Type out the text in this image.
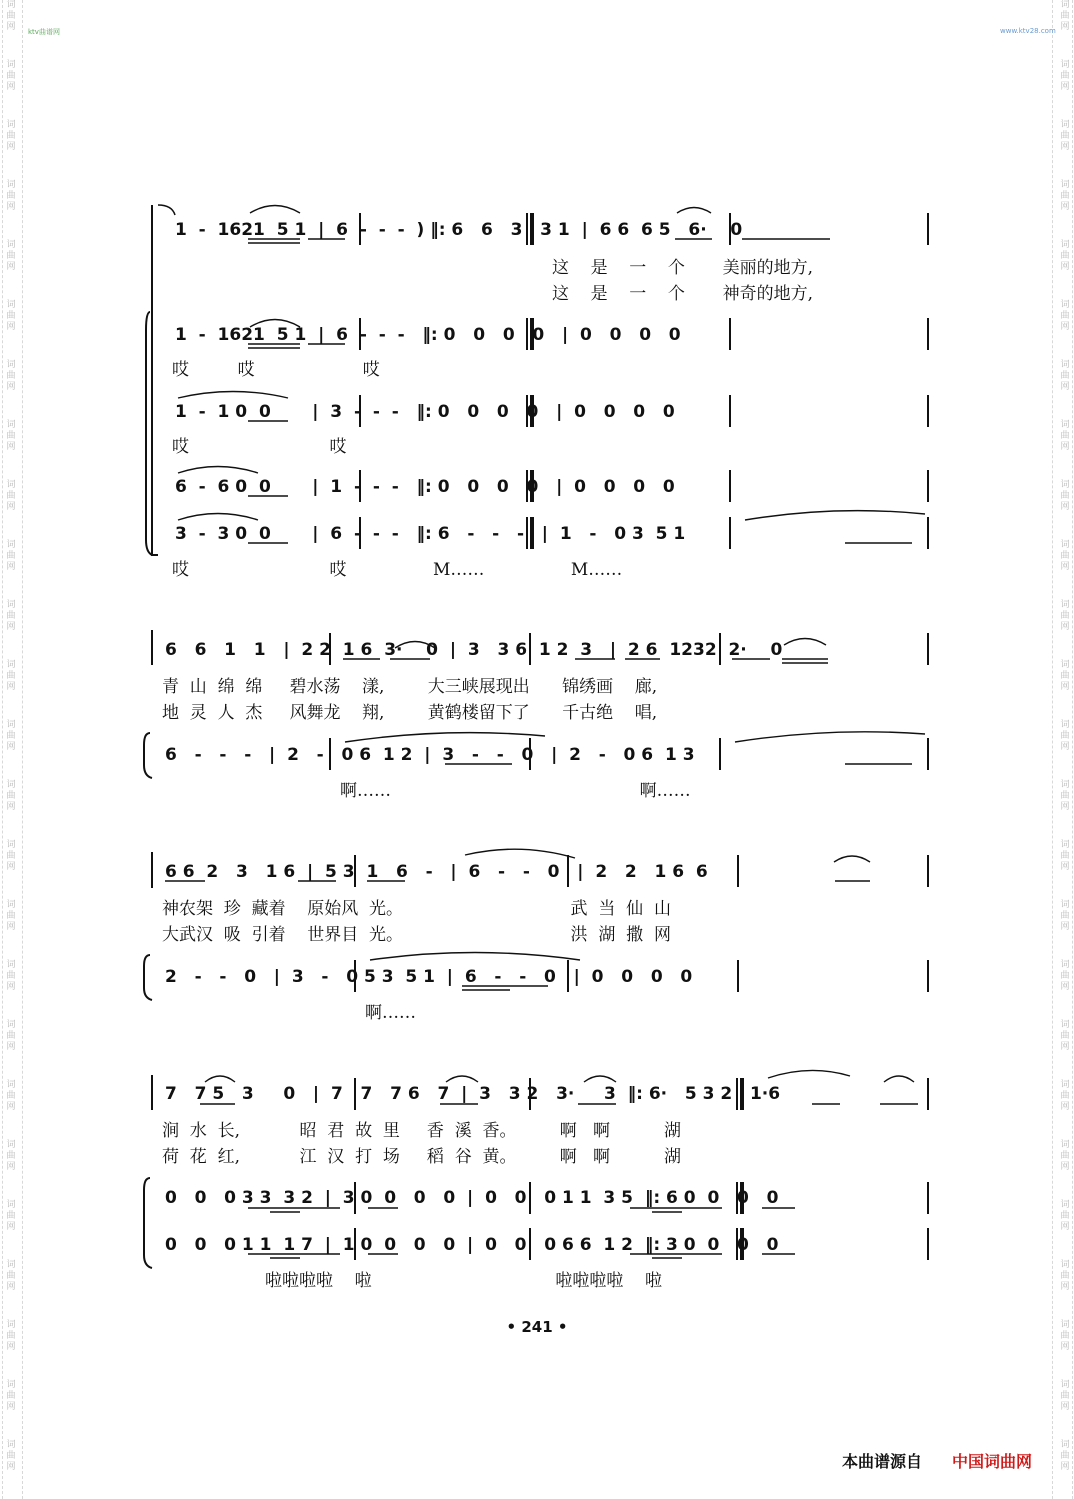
词
曲
网
词
曲
网
词
曲
网
词
曲
网
词
曲
网
词
曲
网
词
曲
网
词
曲
网
词
曲
网
词
曲
网
词
曲
网
词
曲
网
词
曲
网
词
曲
网
词
曲
网
词
曲
网
词
曲
网
词
曲
网
词
曲
网
词
曲
网
词
曲
网
词
曲
网
词
曲
网
词
曲
网
词
曲
网
词
曲
网
词
曲
网
词
曲
网
词
曲
网
词
曲
网
词
曲
网
词
曲
网
词
曲
网
词
曲
网
词
曲
网
词
曲
网
词
曲
网
词
曲
网
词
曲
网
词
曲
网
词
曲
网
词
曲
网
词
曲
网
词
曲
网
词
曲
网
词
曲
网
词
曲
网
词
曲
网
词
曲
网
词
曲
网
ktv曲谱网	www.ktv28.com
1  -  1621  5 1  |  6  -  -  -  ) ‖: 6   6   3   3 1  |  6 6  6 5   6·    0
这    是    一    个       美丽的地方,
这    是    一    个       神奇的地方,
1  -  1621  5 1  |  6  -  -  -   ‖: 0   0   0   0   |  0   0   0   0
哎         哎                    哎
1  -  1 0  0       |  3  -  -  -   ‖: 0   0   0   0   |  0   0   0   0
哎                          哎
6  -  6 0  0       |  1  -  -  -   ‖: 0   0   0   0   |  0   0   0   0
3  -  3 0  0       |  6  -  -  -   ‖: 6   -   -   -   |  1   -   0 3  5 1
哎                          哎                M……                M……
6   6   1   1   |  2 2  1 6  3·    0  |  3   3 6  1 2  3   |  2 6  1232  2·    0
青  山  绵  绵     碧水荡    漾,        大三峡展现出      锦绣画    廊,
地  灵  人  杰     风舞龙    翔,        黄鹤楼留下了      千古绝    唱,
6   -   -   -   |  2   -   0 6  1 2  |  3   -   -   0   |  2   -   0 6  1 3
啊……                                              啊……
6 6  2   3   1 6  |  5 3  1   6   -   |  6   -   -   0   |  2   2   1 6  6
神农架  珍  藏着    原始风  光。                               武  当  仙  山
大武汉  吸  引着    世界目  光。                               洪  湖  撒  网
2   -   -   0   |  3   -   0 5 3  5 1  |  6   -   -   0   |  0   0   0   0
啊……
7   7 5   3     0   |  7   7   7 6   7  |  3   3 2   3·     3  ‖: 6·   5 3 2   1·6
涧  水  长,           昭  君  故  里     香  溪  香。        啊   啊          湖
荷  花  红,           江  汉  打  场     稻  谷  黄。        啊   啊          湖
0   0   0 3 3  3 2  |  3 0  0   0   0  |  0   0   0 1 1  3 5  ‖: 6 0  0   0   0
0   0   0 1 1  1 7  |  1 0  0   0   0  |  0   0   0 6 6  1 2  ‖: 3 0  0   0   0
啦啦啦啦    啦                                  啦啦啦啦    啦
• 241 •
本曲谱源自 中国词曲网
